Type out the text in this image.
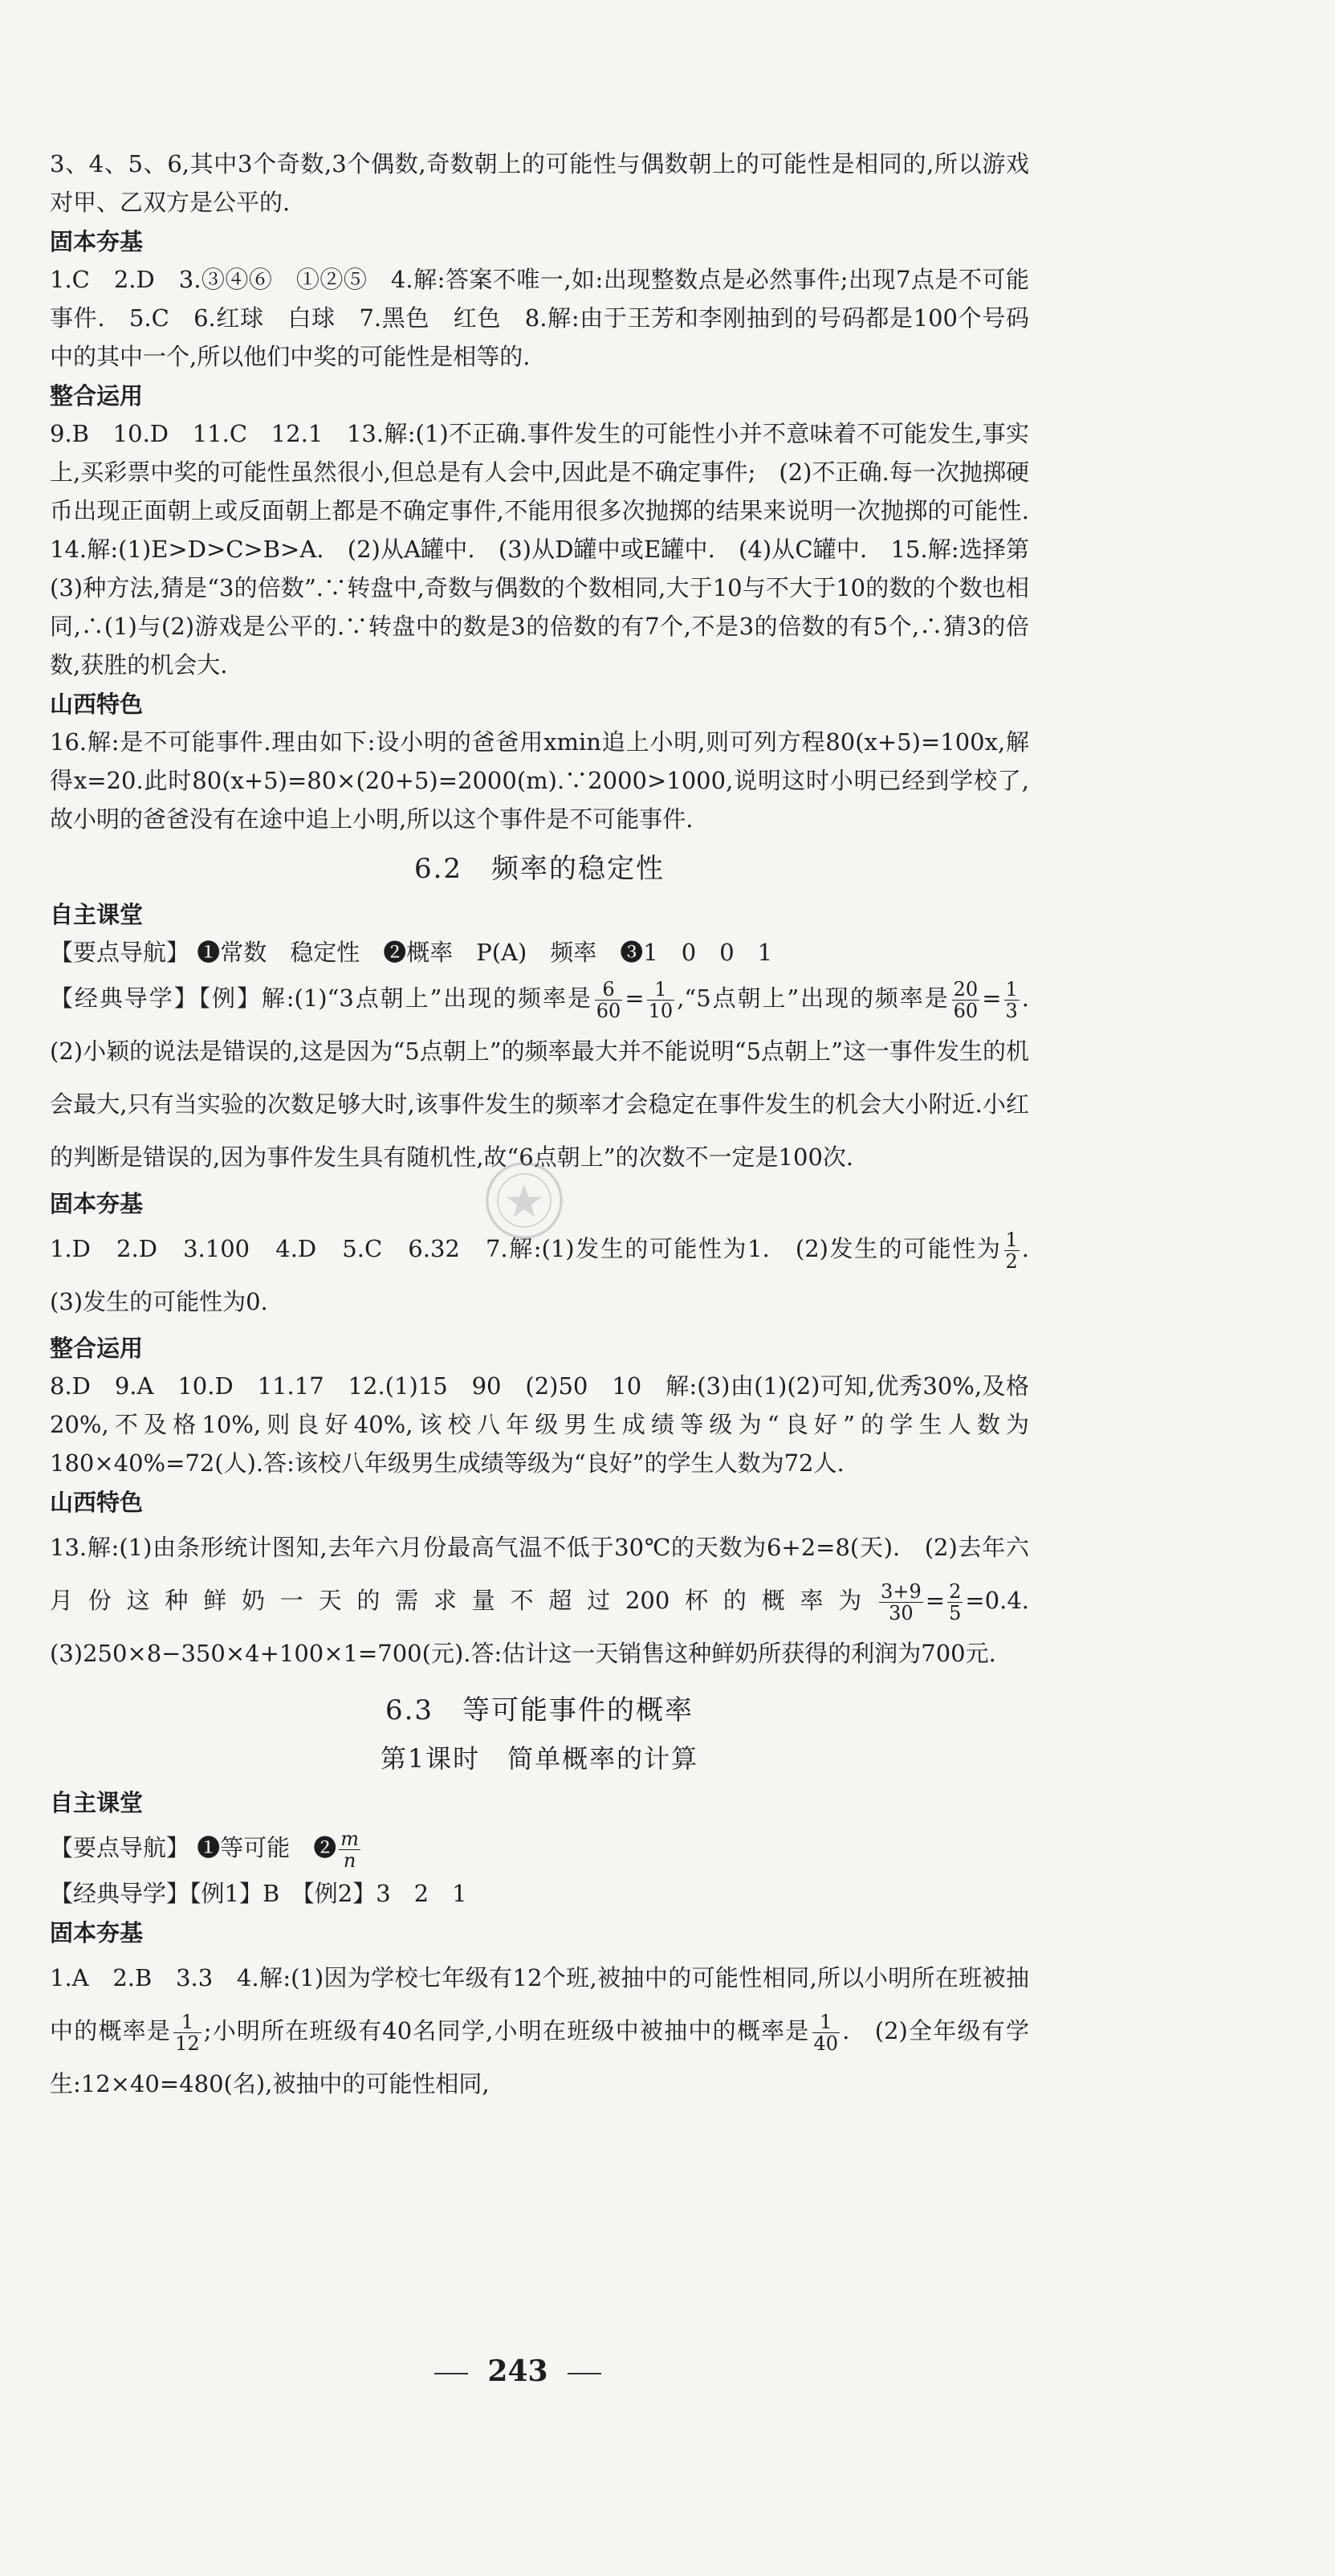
3、4、5、6,其中3个奇数,3个偶数,奇数朝上的可能性与偶数朝上的可能性是相同的,所以游戏对甲、乙双方是公平的.

固本夯基

1.C　2.D　3.③④⑥　①②⑤　4.解:答案不唯一,如:出现整数点是必然事件;出现7点是不可能事件.　5.C　6.红球　白球　7.黑色　红色　8.解:由于王芳和李刚抽到的号码都是100个号码中的其中一个,所以他们中奖的可能性是相等的.

整合运用

9.B　10.D　11.C　12.1　13.解:(1)不正确.事件发生的可能性小并不意味着不可能发生,事实上,买彩票中奖的可能性虽然很小,但总是有人会中,因此是不确定事件;　(2)不正确.每一次抛掷硬币出现正面朝上或反面朝上都是不确定事件,不能用很多次抛掷的结果来说明一次抛掷的可能性.　14.解:(1)E>D>C>B>A.　(2)从A罐中.　(3)从D罐中或E罐中.　(4)从C罐中.　15.解:选择第(3)种方法,猜是“3的倍数”.∵转盘中,奇数与偶数的个数相同,大于10与不大于10的数的个数也相同,∴(1)与(2)游戏是公平的.∵转盘中的数是3的倍数的有7个,不是3的倍数的有5个,∴猜3的倍数,获胜的机会大.

山西特色

16.解:是不可能事件.理由如下:设小明的爸爸用xmin追上小明,则可列方程80(x+5)=100x,解得x=20.此时80(x+5)=80×(20+5)=2000(m).∵2000>1000,说明这时小明已经到学校了,故小明的爸爸没有在途中追上小明,所以这个事件是不可能事件.

6.2　频率的稳定性
自主课堂

【要点导航】 ❶常数　稳定性　❷概率　P(A)　频率　❸1　0　0　1

【经典导学】【例】解:(1)“3点朝上”出现的频率是 $\frac{6}{60} = \frac{1}{10}$ ,“5点朝上”出现的频率是 $\frac{20}{60} = \frac{1}{3}$ .　(2)小颖的说法是错误的,这是因为“5点朝上”的频率最大并不能说明“5点朝上”这一事件发生的机会最大,只有当实验的次数足够大时,该事件发生的频率才会稳定在事件发生的机会大小附近.小红的判断是错误的,因为事件发生具有随机性,故“6点朝上”的次数不一定是100次.

固本夯基

1.D　2.D　3.100　4.D　5.C　6.32　7.解:(1)发生的可能性为1.　(2)发生的可能性为 $\frac{1}{2}$ .　(3)发生的可能性为0.

整合运用

8.D　9.A　10.D　11.17　12.(1)15　90　(2)50　10　解:(3)由(1)(2)可知,优秀30%,及格20%,不及格10%,则良好40%,该校八年级男生成绩等级为“良好”的学生人数为180×40%=72(人).答:该校八年级男生成绩等级为“良好”的学生人数为72人.

山西特色

13.解:(1)由条形统计图知,去年六月份最高气温不低于30℃的天数为6+2=8(天).　(2)去年六月份这种鲜奶一天的需求量不超过200杯的概率为 $\frac{3+9}{30} = \frac{2}{5} =0.4$.　(3)250×8−350×4+100×1=700(元).答:估计这一天销售这种鲜奶所获得的利润为700元.

6.3　等可能事件的概率
第1课时　简单概率的计算
自主课堂

【要点导航】 ❶等可能　❷ $\frac{m}{n}$

【经典导学】【例1】B　【例2】3　2　1

固本夯基

1.A　2.B　3.3　4.解:(1)因为学校七年级有12个班,被抽中的可能性相同,所以小明所在班被抽中的概率是 $\frac{1}{12}$ ;小明所在班级有40名同学,小明在班级中被抽中的概率是 $\frac{1}{40}$ .　(2)全年级有学生:12×40=480(名),被抽中的可能性相同,

243
